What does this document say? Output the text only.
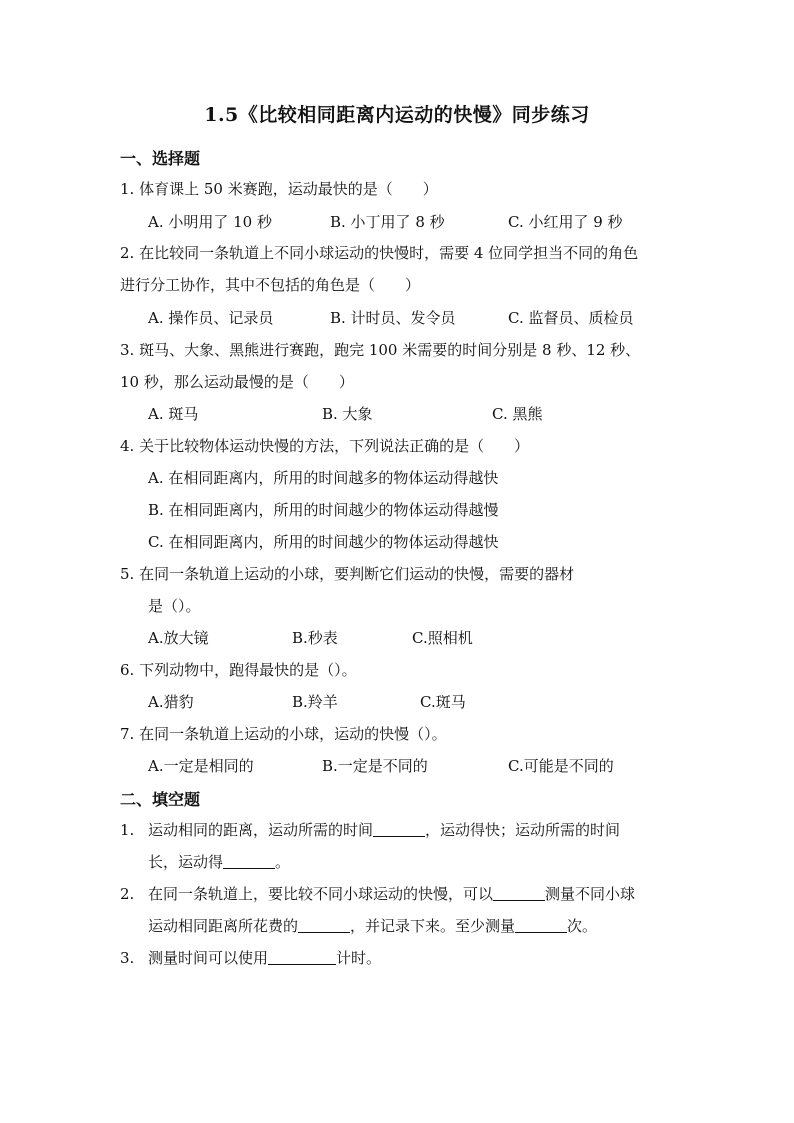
1.5《比较相同距离内运动的快慢》同步练习
一、选择题
1. 体育课上 50 米赛跑，运动最快的是（　　）
A. 小明用了 10 秒	B. 小丁用了 8 秒	C. 小红用了 9 秒
2. 在比较同一条轨道上不同小球运动的快慢时，需要 4 位同学担当不同的角色
进行分工协作，其中不包括的角色是（　　）
A. 操作员、记录员	B. 计时员、发令员	C. 监督员、质检员
3. 斑马、大象、黑熊进行赛跑，跑完 100 米需要的时间分别是 8 秒、12 秒、
10 秒，那么运动最慢的是（　　）
A. 斑马	B. 大象	C. 黑熊
4. 关于比较物体运动快慢的方法，下列说法正确的是（　　）
A. 在相同距离内，所用的时间越多的物体运动得越快
B. 在相同距离内，所用的时间越少的物体运动得越慢
C. 在相同距离内，所用的时间越少的物体运动得越快
5. 在同一条轨道上运动的小球，要判断它们运动的快慢，需要的器材
是（）。
A.放大镜	B.秒表	C.照相机
6. 下列动物中，跑得最快的是（）。
A.猎豹	B.羚羊	C.斑马
7. 在同一条轨道上运动的小球，运动的快慢（）。
A.一定是相同的	B.一定是不同的	C.可能是不同的
二、填空题
1. 运动相同的距离，运动所需的时间	，运动得快；运动所需的时间
长，运动得	。
2. 在同一条轨道上，要比较不同小球运动的快慢，可以	测量不同小球
运动相同距离所花费的	，并记录下来。至少测量	次。
3. 测量时间可以使用	计时。
